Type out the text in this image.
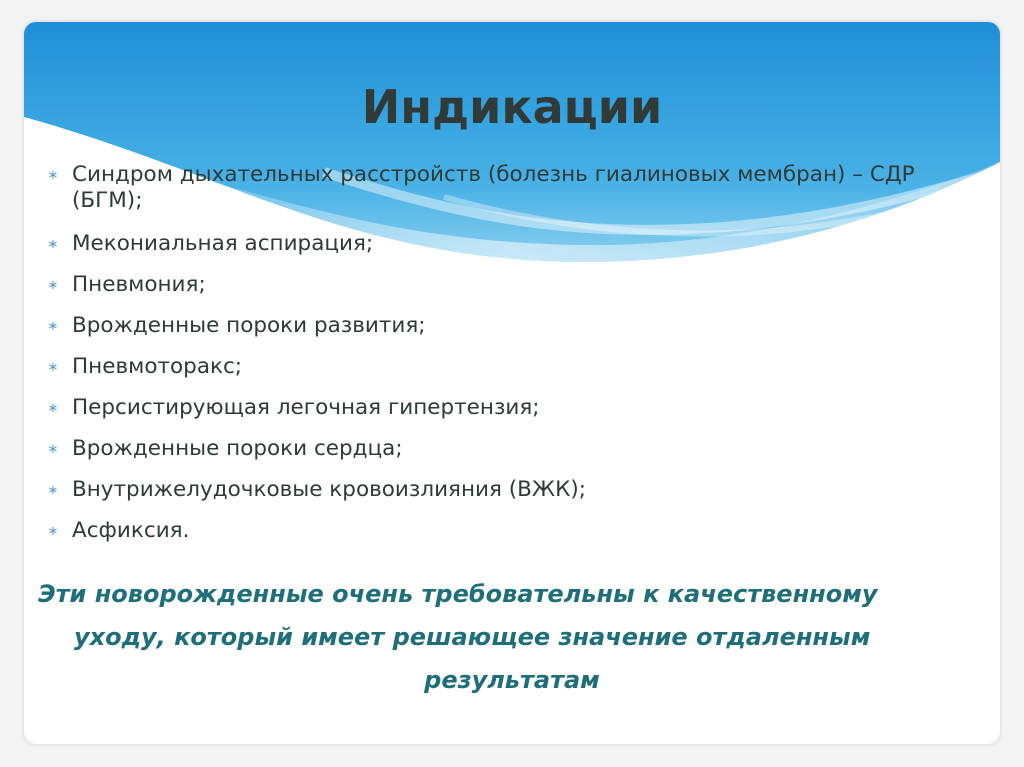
Индикации
∗ Синдром дыхательных расстройств (болезнь гиалиновых мембран) – СДР (БГМ);
∗ Мекониальная аспирация;
∗ Пневмония;
∗ Врожденные пороки развития;
∗ Пневмоторакс;
∗ Персистирующая легочная гипертензия;
∗ Врожденные пороки сердца;
∗ Внутрижелудочковые кровоизлияния (ВЖК);
∗ Асфиксия.

Эти новорожденные очень требовательны к качественному
уходу, который имеет решающее значение отдаленным
результатам
